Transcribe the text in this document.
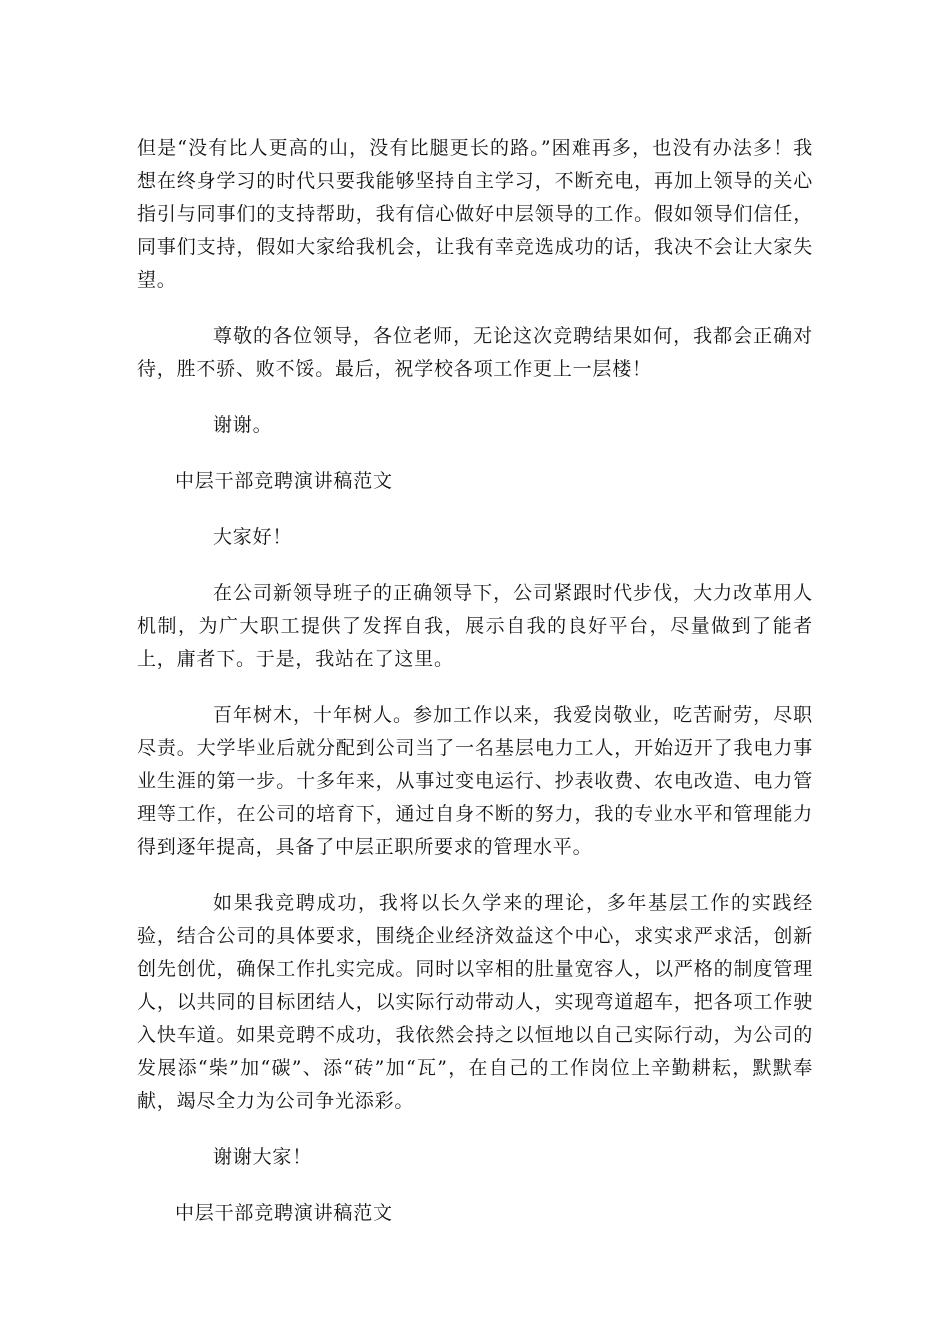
但是“没有比人更高的山，没有比腿更长的路。”困难再多，也没有办法多！我想在终身学习的时代只要我能够坚持自主学习，不断充电，再加上领导的关心指引与同事们的支持帮助，我有信心做好中层领导的工作。假如领导们信任，同事们支持，假如大家给我机会，让我有幸竞选成功的话，我决不会让大家失望。

尊敬的各位领导，各位老师，无论这次竞聘结果如何，我都会正确对待，胜不骄、败不馁。最后，祝学校各项工作更上一层楼！

谢谢。

中层干部竞聘演讲稿范文

大家好！

在公司新领导班子的正确领导下，公司紧跟时代步伐，大力改革用人机制，为广大职工提供了发挥自我，展示自我的良好平台，尽量做到了能者上，庸者下。于是，我站在了这里。

百年树木，十年树人。参加工作以来，我爱岗敬业，吃苦耐劳，尽职尽责。大学毕业后就分配到公司当了一名基层电力工人，开始迈开了我电力事业生涯的第一步。十多年来，从事过变电运行、抄表收费、农电改造、电力管理等工作，在公司的培育下，通过自身不断的努力，我的专业水平和管理能力得到逐年提高，具备了中层正职所要求的管理水平。

如果我竞聘成功，我将以长久学来的理论，多年基层工作的实践经验，结合公司的具体要求，围绕企业经济效益这个中心，求实求严求活，创新创先创优，确保工作扎实完成。同时以宰相的肚量宽容人，以严格的制度管理人，以共同的目标团结人，以实际行动带动人，实现弯道超车，把各项工作驶入快车道。如果竞聘不成功，我依然会持之以恒地以自己实际行动，为公司的发展添“柴”加“碳”、添“砖”加“瓦”，在自己的工作岗位上辛勤耕耘，默默奉献，竭尽全力为公司争光添彩。

谢谢大家！

中层干部竞聘演讲稿范文
